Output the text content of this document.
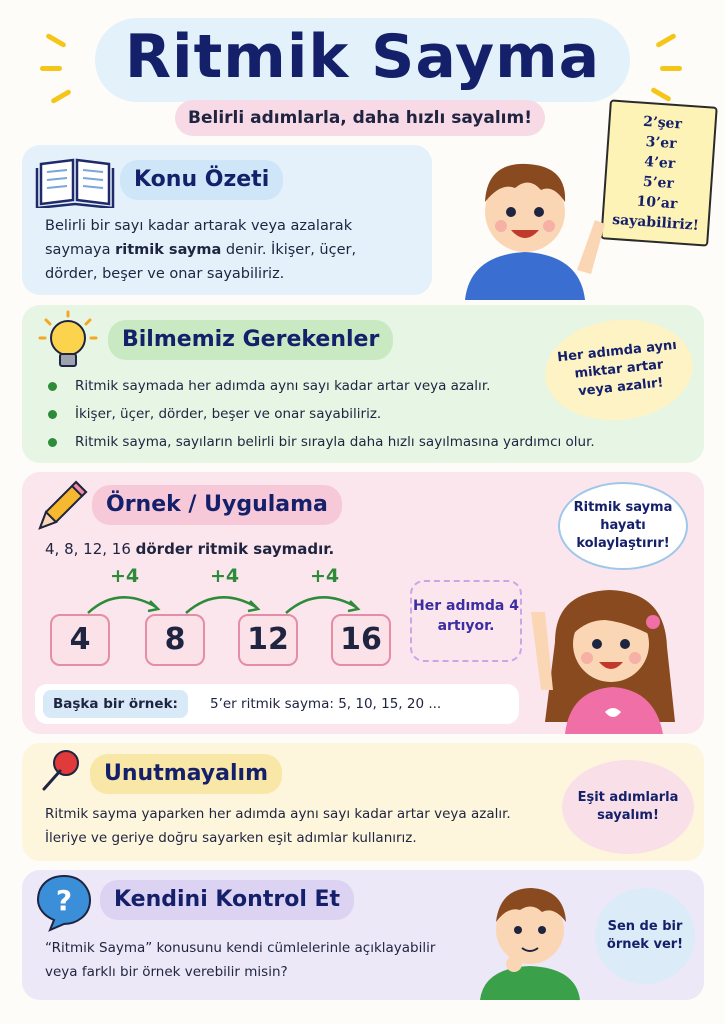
Ritmik Sayma
Belirli adımlarla, daha hızlı sayalım!	2’şer
3’er
4’er
5’er
10’ar
sayabiliriz!
Konu Özeti
Belirli bir sayı kadar artarak veya azalarak saymaya ritmik sayma denir. İkişer, üçer, dörder, beşer ve onar sayabiliriz.
Bilmemiz Gerekenler
Ritmik saymada her adımda aynı sayı kadar artar veya azalır.
İkişer, üçer, dörder, beşer ve onar sayabiliriz.
Ritmik sayma, sayıların belirli bir sırayla daha hızlı sayılmasına yardımcı olur.
Her adımda aynı miktar artar veya azalır!
Örnek / Uygulama
4, 8, 12, 16 dörder ritmik saymadır.
+4	+4	+4
4	8	12	16
Her adımda 4 artıyor.
Başka bir örnek:	5’er ritmik sayma: 5, 10, 15, 20 ...
Ritmik sayma hayatı kolaylaştırır!
Unutmayalım
Ritmik sayma yaparken her adımda aynı sayı kadar artar veya azalır.
İleriye ve geriye doğru sayarken eşit adımlar kullanırız.
Eşit adımlarla sayalım!
?	Kendini Kontrol Et
“Ritmik Sayma” konusunu kendi cümlelerinle açıklayabilir
veya farklı bir örnek verebilir misin?
Sen de bir örnek ver!
